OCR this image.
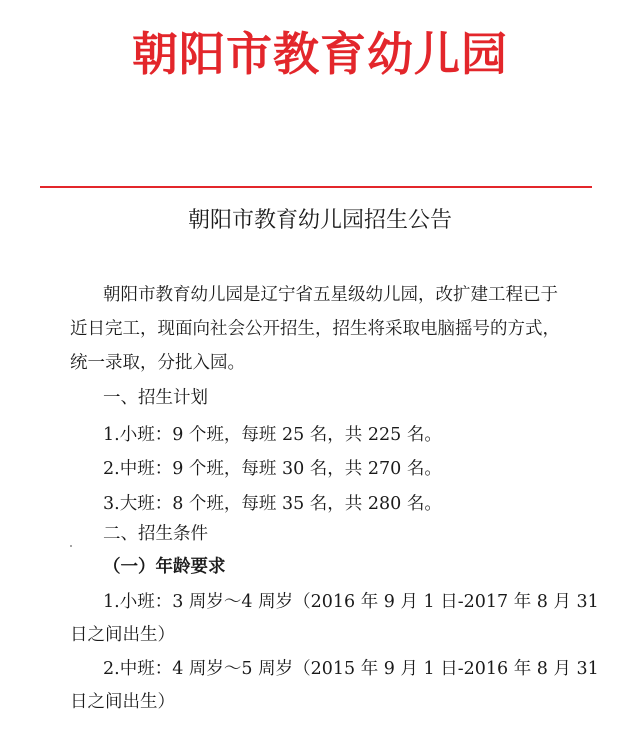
朝阳市教育幼儿园
朝阳市教育幼儿园招生公告
朝阳市教育幼儿园是辽宁省五星级幼儿园，改扩建工程已于
近日完工，现面向社会公开招生，招生将采取电脑摇号的方式，
统一录取，分批入园。
一、招生计划
1.小班：9 个班，每班 25 名，共 225 名。
2.中班：9 个班，每班 30 名，共 270 名。
3.大班：8 个班，每班 35 名，共 280 名。
二、招生条件
（一）年龄要求
1.小班：3 周岁～4 周岁（2016 年 9 月 1 日-2017 年 8 月 31
日之间出生）
2.中班：4 周岁～5 周岁（2015 年 9 月 1 日-2016 年 8 月 31
日之间出生）
